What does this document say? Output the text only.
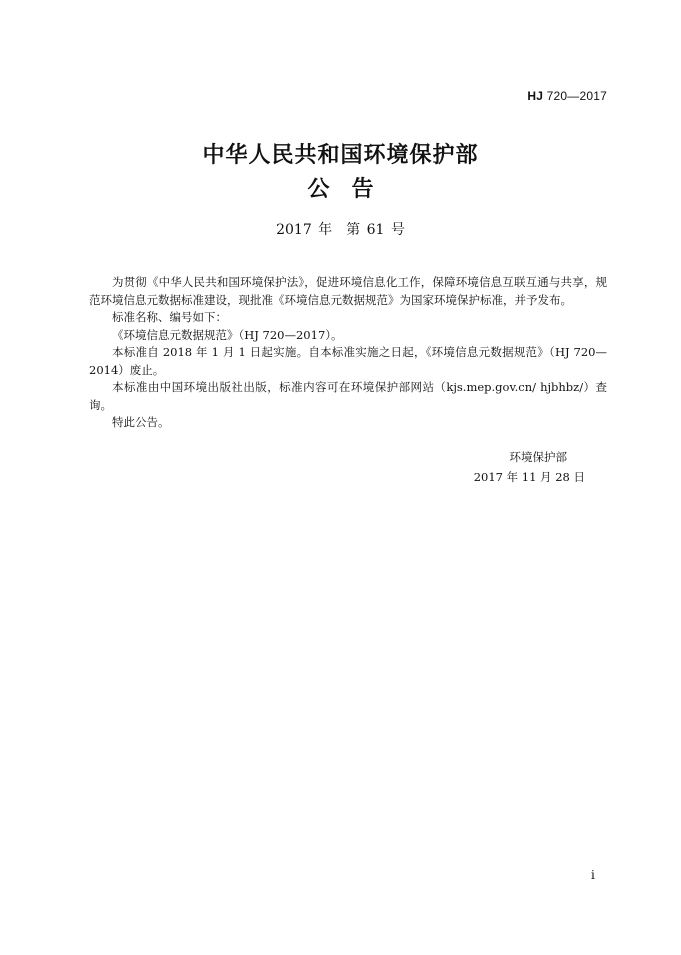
HJ 720—2017
中华人民共和国环境保护部
公告
2017 年　第 61 号

为贯彻《中华人民共和国环境保护法》，促进环境信息化工作，保障环境信息互联互通与共享，规范环境信息元数据标准建设，现批准《环境信息元数据规范》为国家环境保护标准，并予发布。

标准名称、编号如下：

《环境信息元数据规范》（HJ 720—2017）。

本标准自 2018 年 1 月 1 日起实施。自本标准实施之日起，《环境信息元数据规范》（HJ 720—2014）废止。

本标准由中国环境出版社出版，标准内容可在环境保护部网站（kjs.mep.gov.cn/ hjbhbz/）查询。

特此公告。

环境保护部
2017 年 11 月 28 日
i
